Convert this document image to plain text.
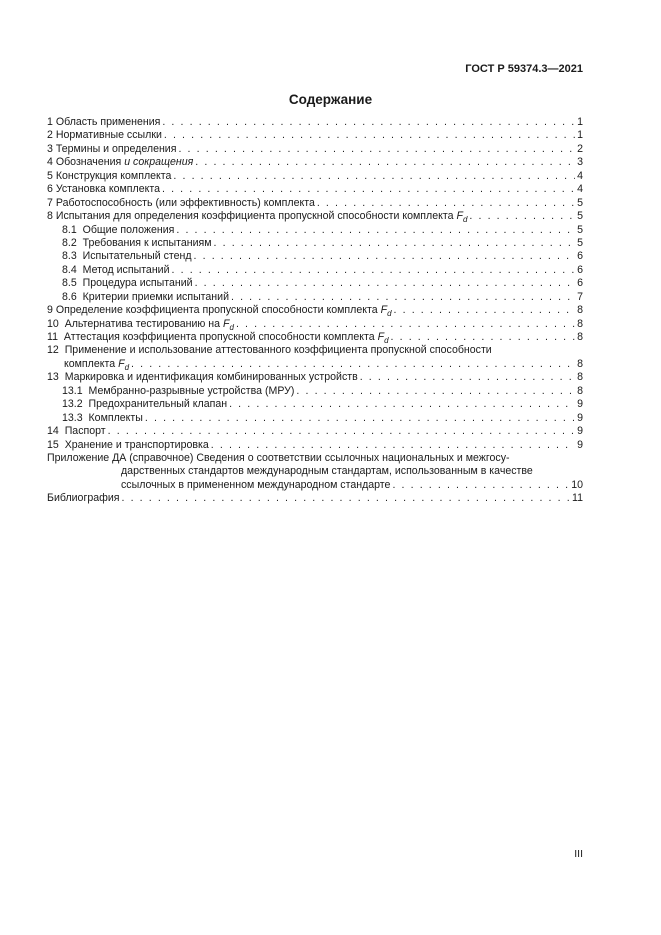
ГОСТ Р 59374.3—2021
Содержание
1 Область применения . . .	1
2 Нормативные ссылки . . .	1
3 Термины и определения . . .	2
4 Обозначения и сокращения . . .	3
5 Конструкция комплекта . . .	4
6 Установка комплекта . . .	4
7 Работоспособность (или эффективность) комплекта . . .	5
8 Испытания для определения коэффициента пропускной способности комплекта $F_d$ . . .	5
8.1 Общие положения . . .	5
8.2 Требования к испытаниям . . .	5
8.3 Испытательный стенд . . .	6
8.4 Метод испытаний . . .	6
8.5 Процедура испытаний . . .	6
8.6 Критерии приемки испытаний . . .	7
9 Определение коэффициента пропускной способности комплекта $F_d$ . . .	8
10 Альтернатива тестированию на $F_d$ . . .	8
11 Аттестация коэффициента пропускной способности комплекта $F_d$ . . .	8
12 Применение и использование аттестованного коэффициента пропускной способности
комплекта $F_d$ . . .	8
13 Маркировка и идентификация комбинированных устройств . . .	8
13.1 Мембранно-разрывные устройства (МРУ) . . .	8
13.2 Предохранительный клапан . . .	9
13.3 Комплекты . . .	9
14 Паспорт . . .	9
15 Хранение и транспортировка . . .	9
Приложение ДА (справочное) Сведения о соответствии ссылочных национальных и межгосу-
дарственных стандартов международным стандартам, использованным в качестве
ссылочных в примененном международном стандарте . . .	10
Библиография . . .	11
III
